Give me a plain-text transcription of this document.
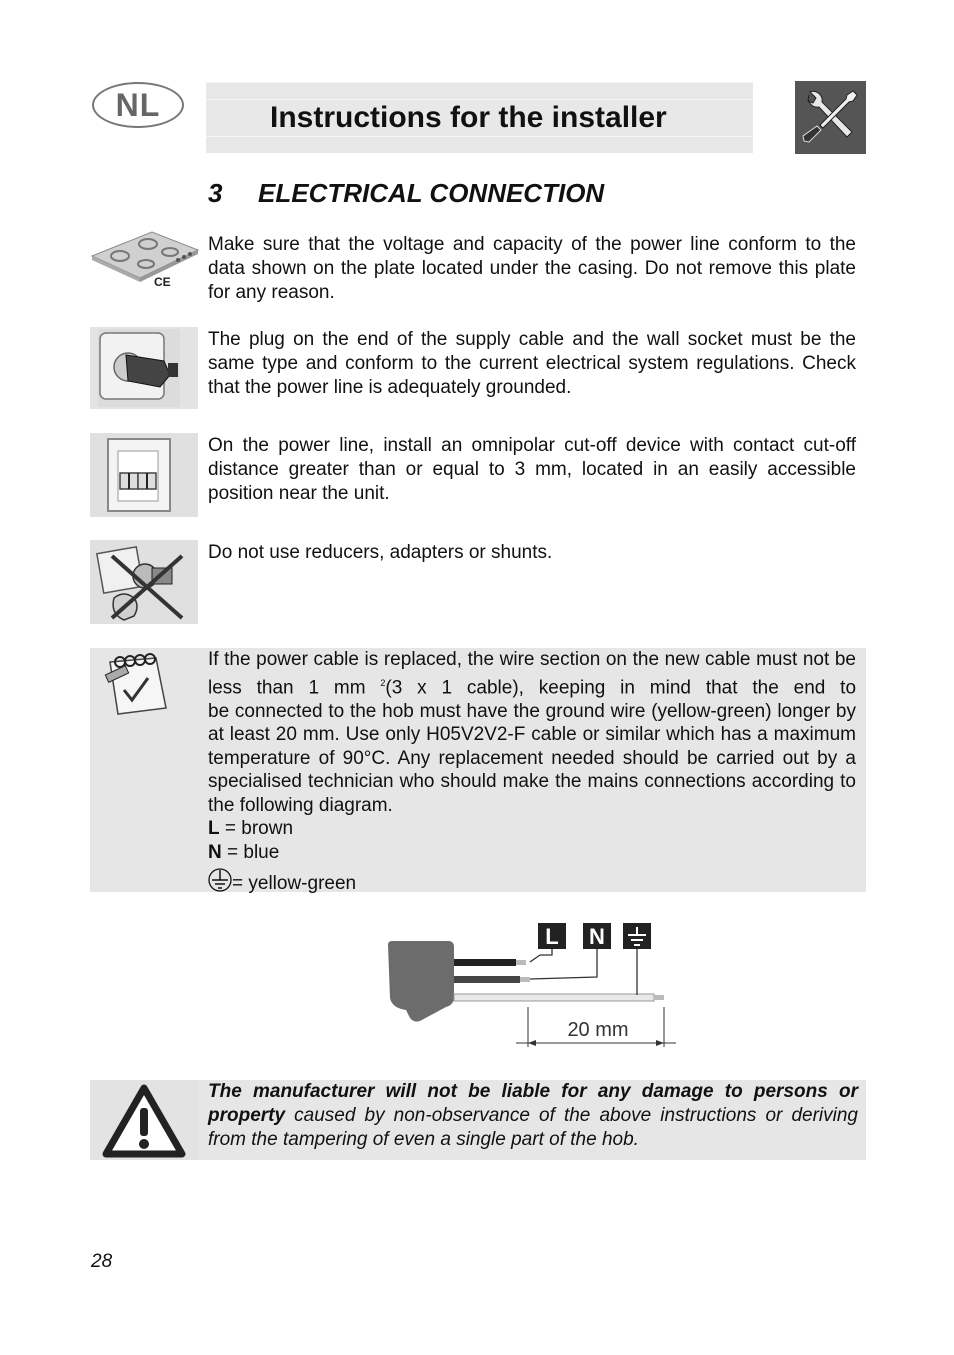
NL	Instructions for the installer
3 ELECTRICAL CONNECTION
CE

Make sure that the voltage and capacity of the power line conform to the data shown on the plate located under the casing. Do not remove this plate for any reason.

The plug on the end of the supply cable and the wall socket must be the same type and conform to the current electrical system regulations. Check that the power line is adequately grounded.

On the power line, install an omnipolar cut-off device with contact cut-off distance greater than or equal to 3 mm, located in an easily accessible position near the unit.

Do not use reducers, adapters or shunts.

If the power cable is replaced, the wire section on the new cable must not be less than 1 mm $^2$(3 x 1 cable), keeping in mind that the end to

be connected to the hob must have the ground wire (yellow-green) longer by at least 20 mm. Use only H05V2V2-F cable or similar which has a maximum temperature of 90°C. Any replacement needed should be carried out by a specialised technician who should make the mains connections according to the following diagram.

L = brown
N = blue
= yellow-green
L N
20 mm
The manufacturer will not be liable for any damage to persons or property caused by non-observance of the above instructions or deriving from the tampering of even a single part of the hob.
28
